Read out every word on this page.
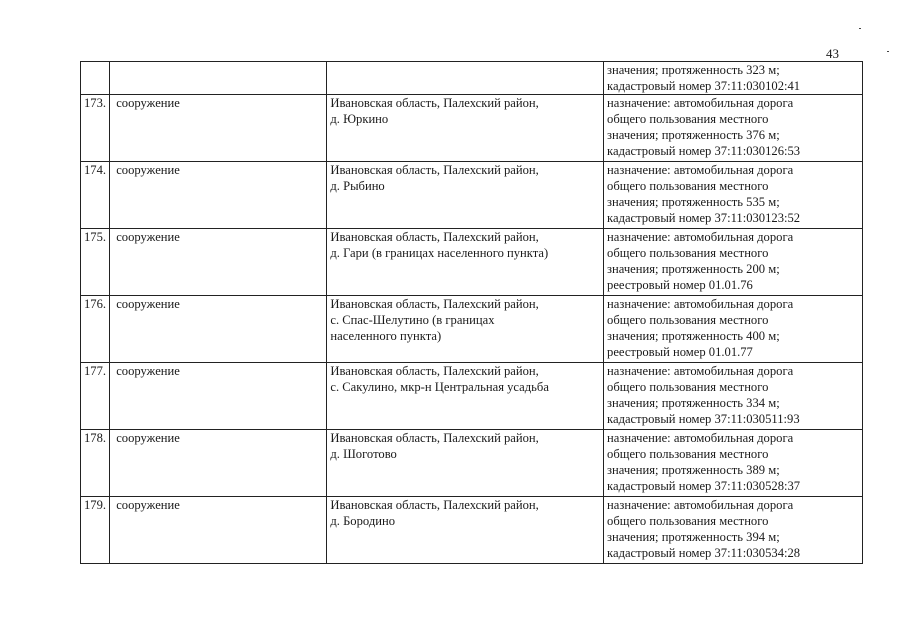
43

			значения; протяженность 323 м;
кадастровый номер 37:11:030102:41

173.	сооружение	Ивановская область, Палехский район,
д. Юркино	назначение: автомобильная дорога
общего пользования местного
значения; протяженность 376 м;
кадастровый номер 37:11:030126:53

174.	сооружение	Ивановская область, Палехский район,
д. Рыбино	назначение: автомобильная дорога
общего пользования местного
значения; протяженность 535 м;
кадастровый номер 37:11:030123:52

175.	сооружение	Ивановская область, Палехский район,
д. Гари (в границах населенного пункта)	назначение: автомобильная дорога
общего пользования местного
значения; протяженность 200 м;
реестровый номер 01.01.76

176.	сооружение	Ивановская область, Палехский район,
с. Спас-Шелутино (в границах
населенного пункта)	назначение: автомобильная дорога
общего пользования местного
значения; протяженность 400 м;
реестровый номер 01.01.77

177.	сооружение	Ивановская область, Палехский район,
с. Сакулино, мкр-н Центральная усадьба	назначение: автомобильная дорога
общего пользования местного
значения; протяженность 334 м;
кадастровый номер 37:11:030511:93

178.	сооружение	Ивановская область, Палехский район,
д. Шоготово	назначение: автомобильная дорога
общего пользования местного
значения; протяженность 389 м;
кадастровый номер 37:11:030528:37

179.	сооружение	Ивановская область, Палехский район,
д. Бородино	назначение: автомобильная дорога
общего пользования местного
значения; протяженность 394 м;
кадастровый номер 37:11:030534:28
